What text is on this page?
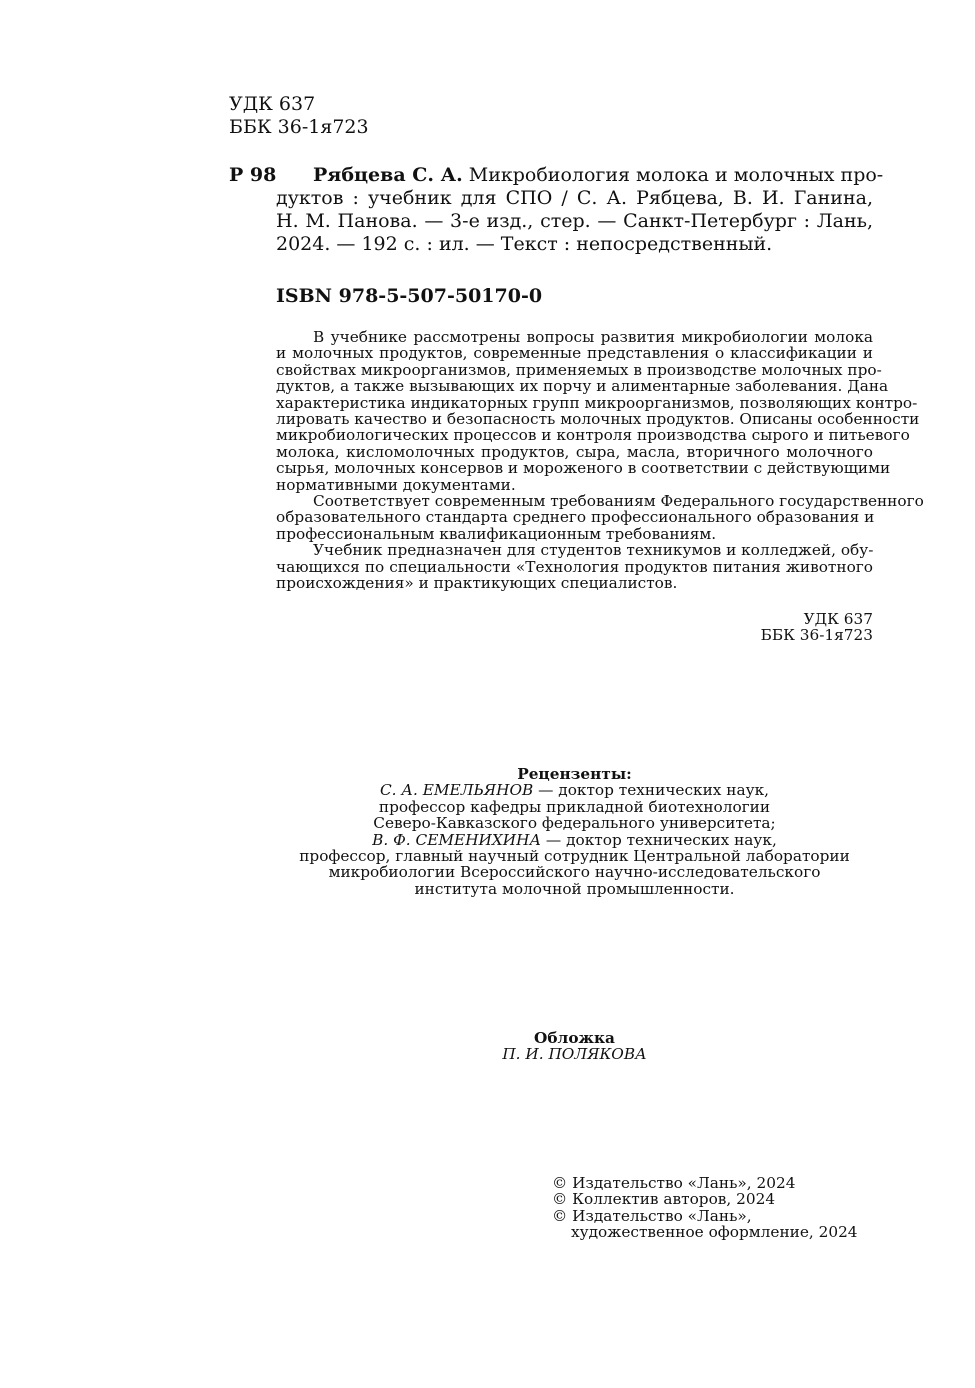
УДК 637
ББК 36-1я723
Р 98	Рябцева С. А. Микробиология молока и молочных про-
дуктов : учебник для СПО / С. А. Рябцева, В. И. Ганина,
Н. М. Панова. — 3-е изд., стер. — Санкт-Петербург : Лань,
2024. — 192 с. : ил. — Текст : непосредственный.
ISBN 978-5-507-50170-0
В учебнике рассмотрены вопросы развития микробиологии молока
и молочных продуктов, современные представления о классификации и
свойствах микроорганизмов, применяемых в производстве молочных про-
дуктов, а также вызывающих их порчу и алиментарные заболевания. Дана
характеристика индикаторных групп микроорганизмов, позволяющих контро-
лировать качество и безопасность молочных продуктов. Описаны особенности
микробиологических процессов и контроля производства сырого и питьевого
молока, кисломолочных продуктов, сыра, масла, вторичного молочного
сырья, молочных консервов и мороженого в соответствии с действующими
нормативными документами.
Соответствует современным требованиям Федерального государственного
образовательного стандарта среднего профессионального образования и
профессиональным квалификационным требованиям.
Учебник предназначен для студентов техникумов и колледжей, обу-
чающихся по специальности «Технология продуктов питания животного
происхождения» и практикующих специалистов.
УДК 637
ББК 36-1я723
Рецензенты:
С. А. ЕМЕЛЬЯНОВ — доктор технических наук,
профессор кафедры прикладной биотехнологии
Северо-Кавказского федерального университета;
В. Ф. СЕМЕНИХИНА — доктор технических наук,
профессор, главный научный сотрудник Центральной лаборатории
микробиологии Всероссийского научно-исследовательского
института молочной промышленности.
Обложка
П. И. ПОЛЯКОВА
© Издательство «Лань», 2024
© Коллектив авторов, 2024
© Издательство «Лань»,
художественное оформление, 2024
